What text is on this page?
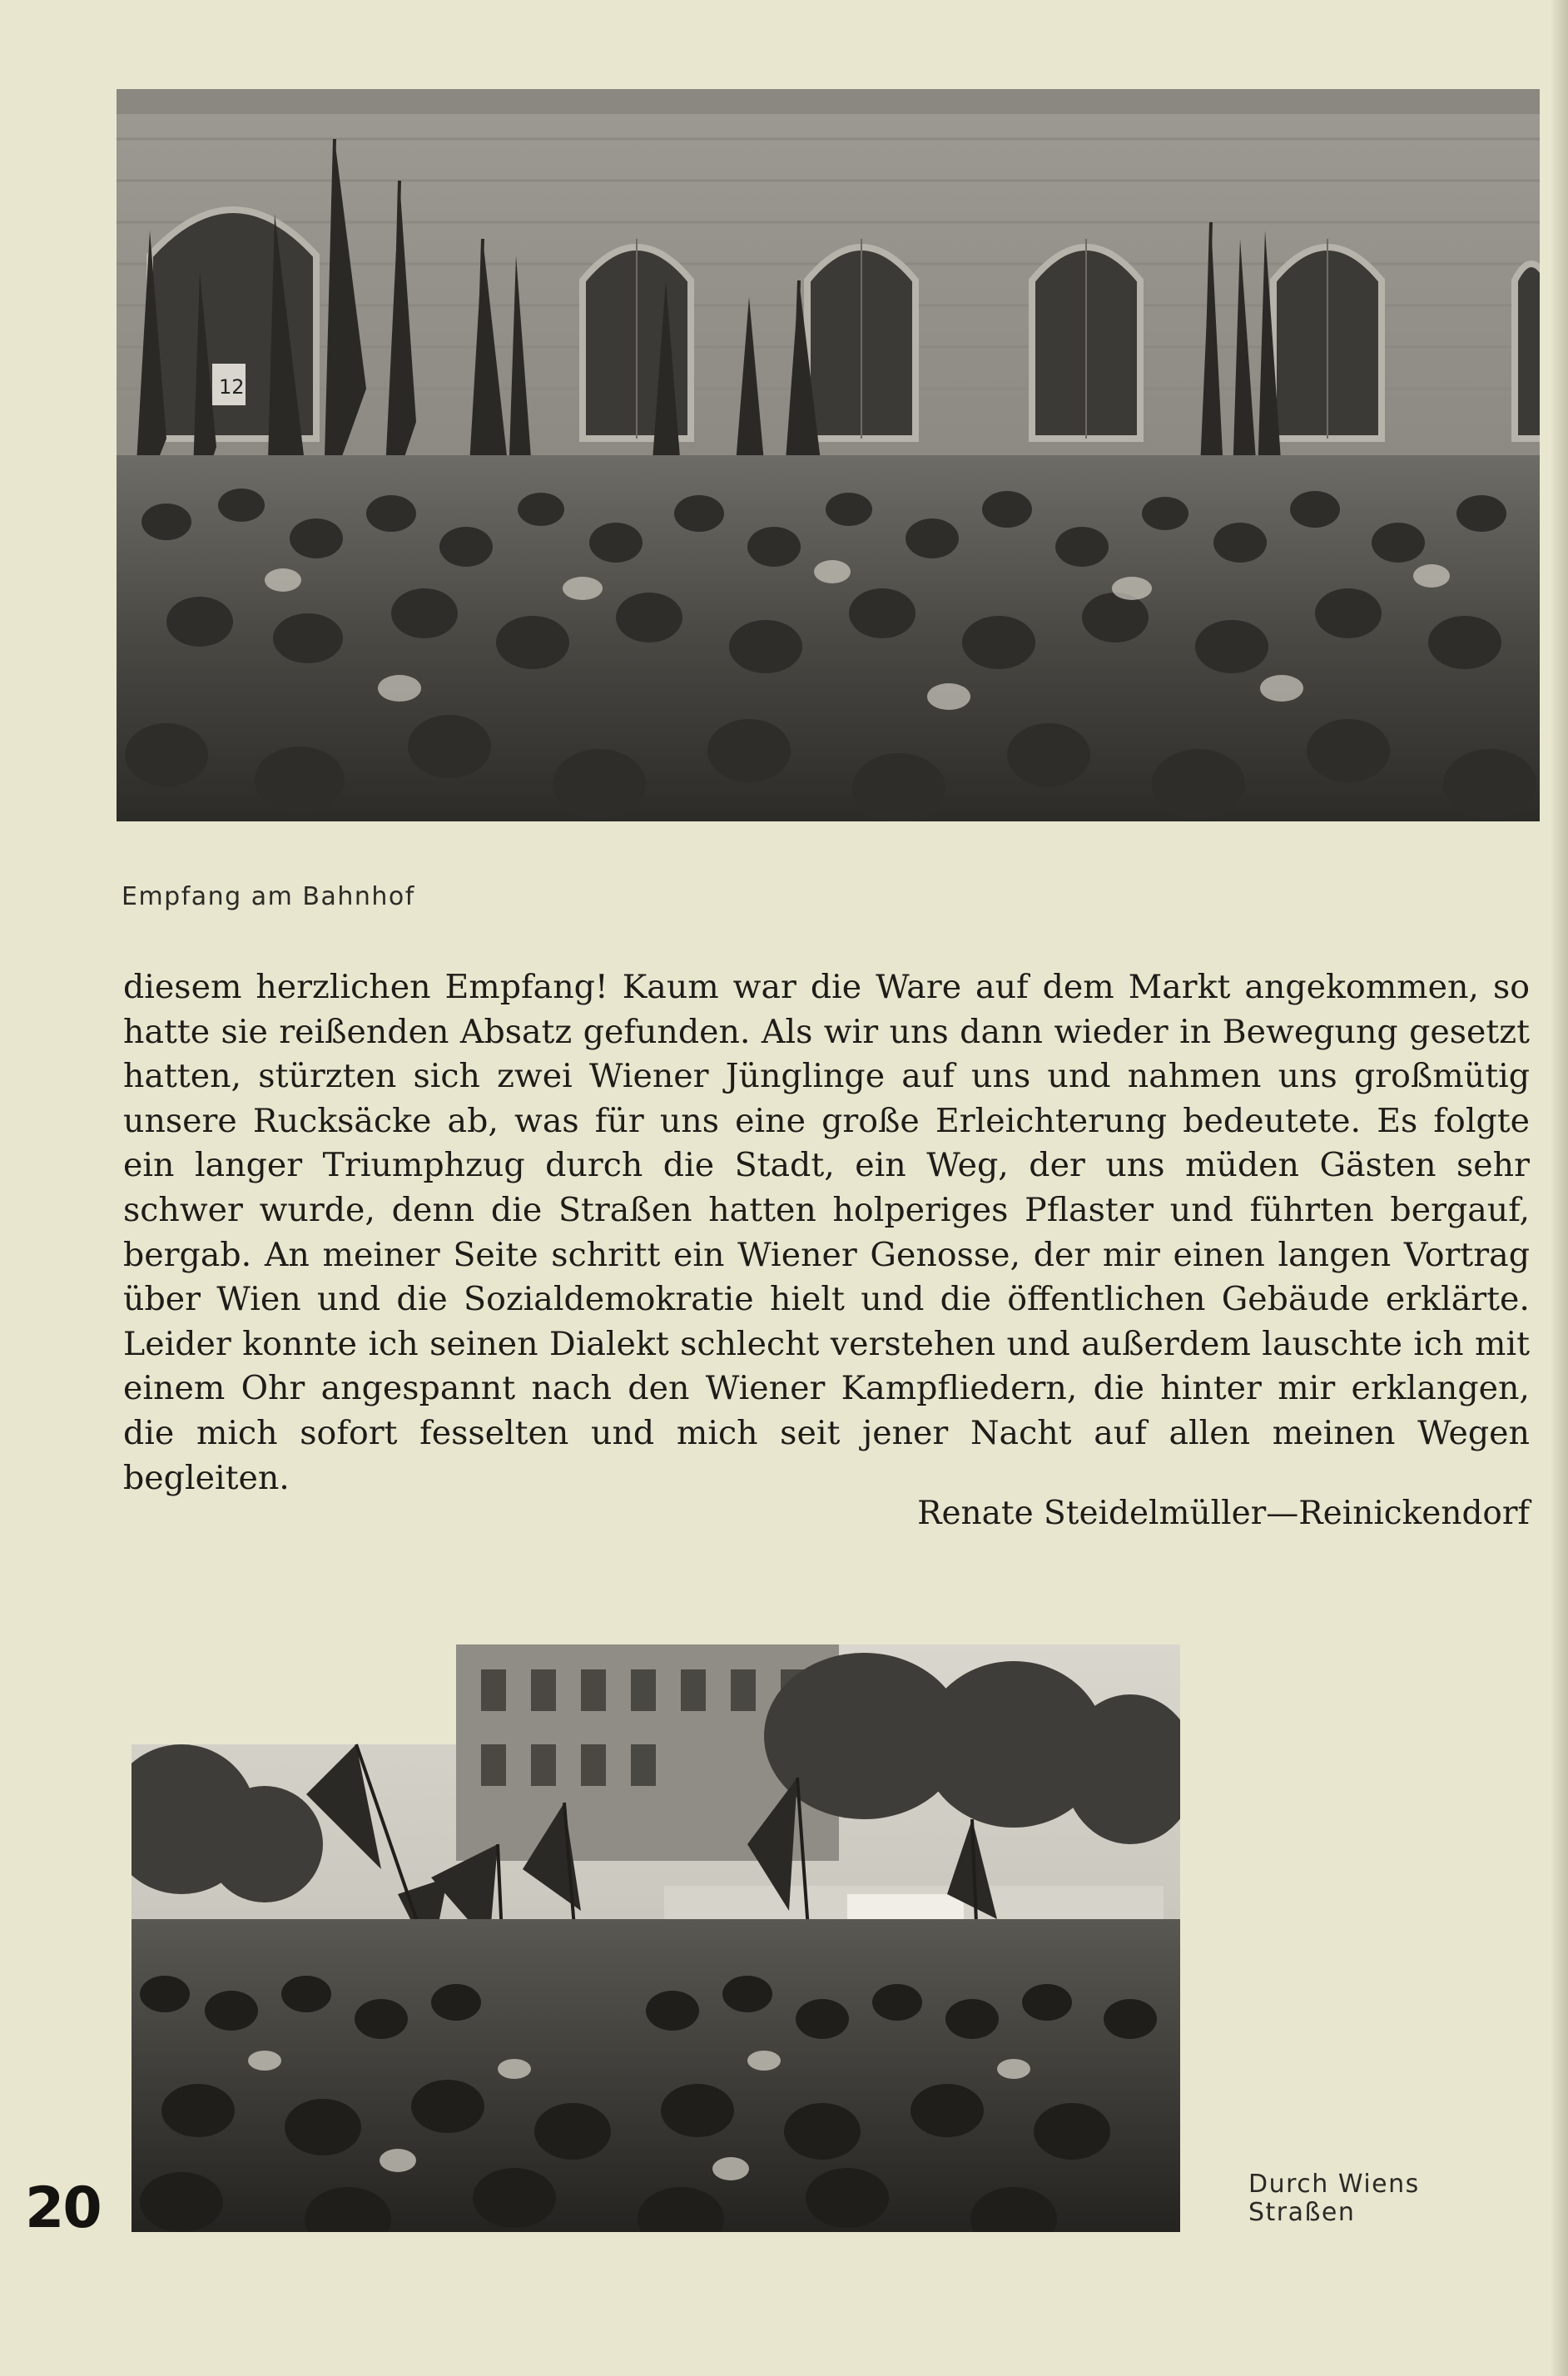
12
Empfang am Bahnhof

diesem herzlichen Empfang! Kaum war die Ware auf dem Markt angekommen, so hatte sie reißenden Absatz gefunden. Als wir uns dann wieder in Bewegung gesetzt hatten, stürzten sich zwei Wiener Jünglinge auf uns und nahmen uns großmütig unsere Rucksäcke ab, was für uns eine große Erleichterung bedeutete. Es folgte ein langer Triumphzug durch die Stadt, ein Weg, der uns müden Gästen sehr schwer wurde, denn die Straßen hatten holperiges Pflaster und führten bergauf, bergab. An meiner Seite schritt ein Wiener Genosse, der mir einen langen Vortrag über Wien und die Sozialdemokratie hielt und die öffentlichen Gebäude erklärte. Leider konnte ich seinen Dialekt schlecht verstehen und außerdem lauschte ich mit einem Ohr angespannt nach den Wiener Kampfliedern, die hinter mir erklangen, die mich sofort fesselten und mich seit jener Nacht auf allen meinen Wegen begleiten.

Renate Steidelmüller—Reinickendorf
Durch Wiens
Straßen
20
